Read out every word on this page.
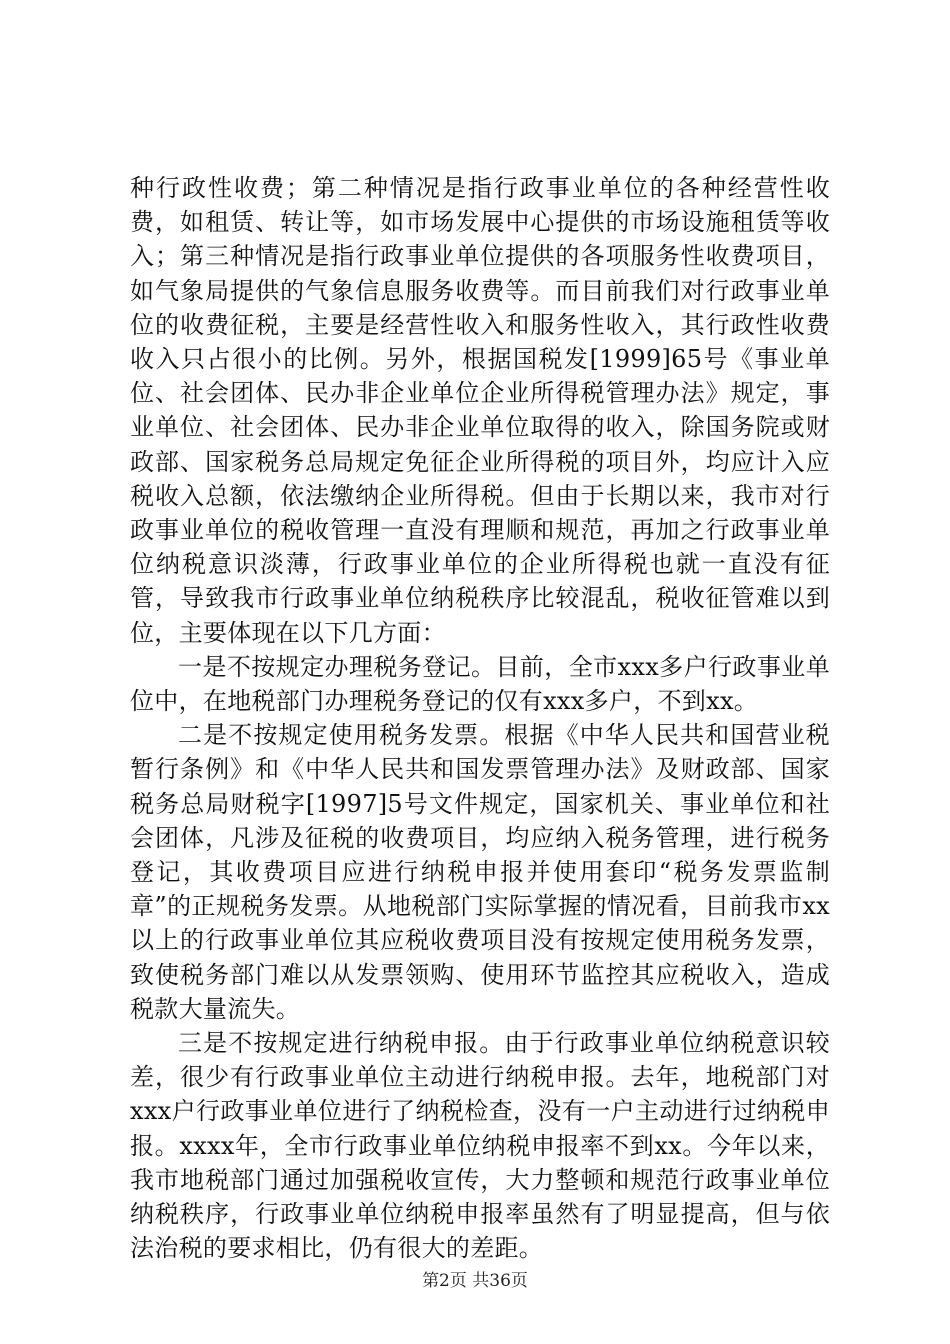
种行政性收费；第二种情况是指行政事业单位的各种经营性收费，如租赁、转让等，如市场发展中心提供的市场设施租赁等收入；第三种情况是指行政事业单位提供的各项服务性收费项目，如气象局提供的气象信息服务收费等。而目前我们对行政事业单位的收费征税，主要是经营性收入和服务性收入，其行政性收费收入只占很小的比例。另外，根据国税发[1999]65号《事业单位、社会团体、民办非企业单位企业所得税管理办法》规定，事业单位、社会团体、民办非企业单位取得的收入，除国务院或财政部、国家税务总局规定免征企业所得税的项目外，均应计入应税收入总额，依法缴纳企业所得税。但由于长期以来，我市对行政事业单位的税收管理一直没有理顺和规范，再加之行政事业单位纳税意识淡薄，行政事业单位的企业所得税也就一直没有征管，导致我市行政事业单位纳税秩序比较混乱，税收征管难以到位，主要体现在以下几方面：

一是不按规定办理税务登记。目前，全市xxx多户行政事业单位中，在地税部门办理税务登记的仅有xxx多户，不到xx。

二是不按规定使用税务发票。根据《中华人民共和国营业税暂行条例》和《中华人民共和国发票管理办法》及财政部、国家税务总局财税字[1997]5号文件规定，国家机关、事业单位和社会团体，凡涉及征税的收费项目，均应纳入税务管理，进行税务登记，其收费项目应进行纳税申报并使用套印“税务发票监制章”的正规税务发票。从地税部门实际掌握的情况看，目前我市xx以上的行政事业单位其应税收费项目没有按规定使用税务发票，致使税务部门难以从发票领购、使用环节监控其应税收入，造成税款大量流失。

三是不按规定进行纳税申报。由于行政事业单位纳税意识较差，很少有行政事业单位主动进行纳税申报。去年，地税部门对xxx户行政事业单位进行了纳税检查，没有一户主动进行过纳税申报。xxxx年，全市行政事业单位纳税申报率不到xx。今年以来，我市地税部门通过加强税收宣传，大力整顿和规范行政事业单位纳税秩序，行政事业单位纳税申报率虽然有了明显提高，但与依法治税的要求相比，仍有很大的差距。

第2页 共36页
